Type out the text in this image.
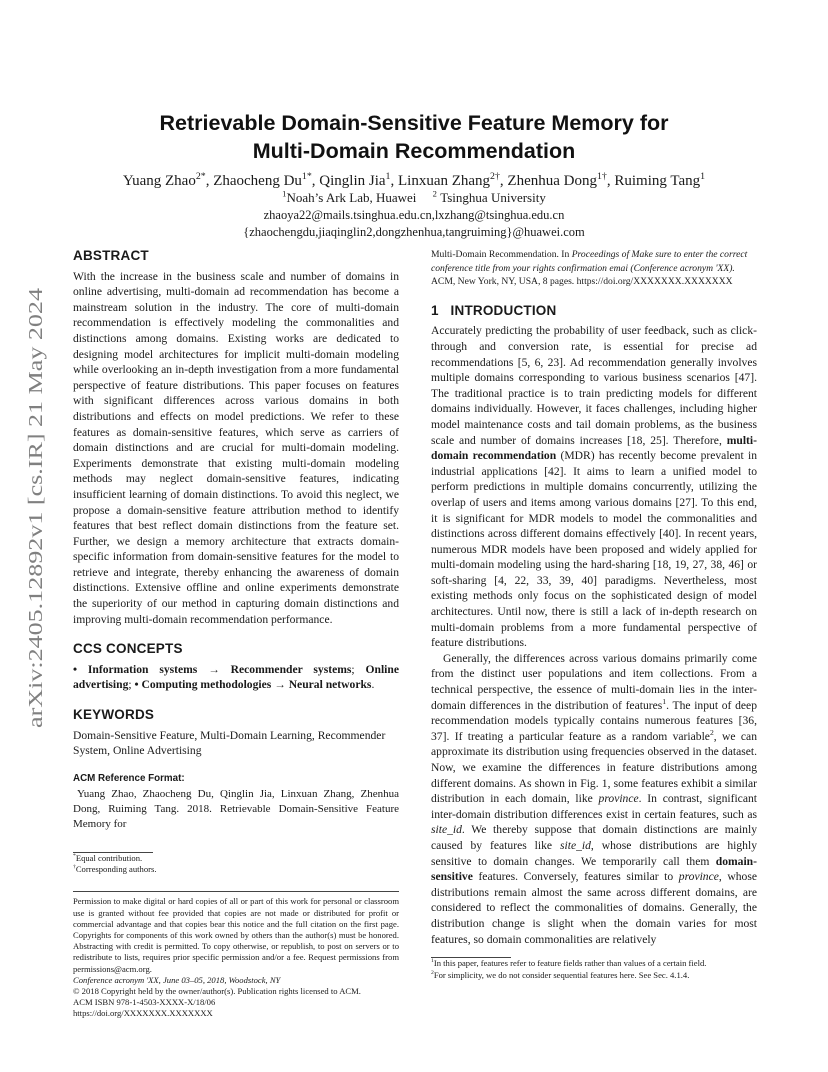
arXiv:2405.12892v1 [cs.IR] 21 May 2024
Retrievable Domain-Sensitive Feature Memory for
Multi-Domain Recommendation
Yuang Zhao$^{2*}$, Zhaocheng $Du^{1*}$, Qinglin Jia$^1$, Linxuan Zhang$^{2\dagger}$, Zhenhua Dong$^{1\dagger}$, Ruiming Tang$^1$
$^1$Noah’s Ark Lab, Huawei $^2$ Tsinghua University
zhaoya22@mails.tsinghua.edu.cn,lxzhang@tsinghua.edu.cn
{zhaochengdu,jiaqinglin2,dongzhenhua,tangruiming}@huawei.com
ABSTRACT

With the increase in the business scale and number of domains in online advertising, multi-domain ad recommendation has become a mainstream solution in the industry. The core of multi-domain recommendation is effectively modeling the commonalities and distinctions among domains. Existing works are dedicated to designing model architectures for implicit multi-domain modeling while overlooking an in-depth investigation from a more fundamental perspective of feature distributions. This paper focuses on features with significant differences across various domains in both distributions and effects on model predictions. We refer to these features as domain-sensitive features, which serve as carriers of domain distinctions and are crucial for multi-domain modeling. Experiments demonstrate that existing multi-domain modeling methods may neglect domain-sensitive features, indicating insufficient learning of domain distinctions. To avoid this neglect, we propose a domain-sensitive feature attribution method to identify features that best reflect domain distinctions from the feature set. Further, we design a memory architecture that extracts domain-specific information from domain-sensitive features for the model to retrieve and integrate, thereby enhancing the awareness of domain distinctions. Extensive offline and online experiments demonstrate the superiority of our method in capturing domain distinctions and improving multi-domain recommendation performance.

CCS CONCEPTS

• Information systems → Recommender systems; Online advertising; • Computing methodologies → Neural networks.

KEYWORDS

Domain-Sensitive Feature, Multi-Domain Learning, Recommender System, Online Advertising

ACM Reference Format:

Yuang Zhao, Zhaocheng Du, Qinglin Jia, Linxuan Zhang, Zhenhua Dong, Ruiming Tang. 2018. Retrievable Domain-Sensitive Feature Memory for

*Equal contribution.
†Corresponding authors.

Permission to make digital or hard copies of all or part of this work for personal or classroom use is granted without fee provided that copies are not made or distributed for profit or commercial advantage and that copies bear this notice and the full citation on the first page. Copyrights for components of this work owned by others than the author(s) must be honored. Abstracting with credit is permitted. To copy otherwise, or republish, to post on servers or to redistribute to lists, requires prior specific permission and/or a fee. Request permissions from permissions@acm.org.

Conference acronym 'XX, June 03–05, 2018, Woodstock, NY

© 2018 Copyright held by the owner/author(s). Publication rights licensed to ACM.

ACM ISBN 978-1-4503-XXXX-X/18/06

https://doi.org/XXXXXXX.XXXXXXX

Multi-Domain Recommendation. In Proceedings of Make sure to enter the correct conference title from your rights confirmation emai (Conference acronym 'XX). ACM, New York, NY, USA, 8 pages. https://doi.org/XXXXXXX.XXXXXXX

1   INTRODUCTION

Accurately predicting the probability of user feedback, such as click-through and conversion rate, is essential for precise ad recommendations [5, 6, 23]. Ad recommendation generally involves multiple domains corresponding to various business scenarios [47]. The traditional practice is to train predicting models for different domains individually. However, it faces challenges, including higher model maintenance costs and tail domain problems, as the business scale and number of domains increases [18, 25]. Therefore, multi-domain recommendation (MDR) has recently become prevalent in industrial applications [42]. It aims to learn a unified model to perform predictions in multiple domains concurrently, utilizing the overlap of users and items among various domains [27]. To this end, it is significant for MDR models to model the commonalities and distinctions across different domains effectively [40]. In recent years, numerous MDR models have been proposed and widely applied for multi-domain modeling using the hard-sharing [18, 19, 27, 38, 46] or soft-sharing [4, 22, 33, 39, 40] paradigms. Nevertheless, most existing methods only focus on the sophisticated design of model architectures. Until now, there is still a lack of in-depth research on multi-domain problems from a more fundamental perspective of feature distributions.

Generally, the differences across various domains primarily come from the distinct user populations and item collections. From a technical perspective, the essence of multi-domain lies in the inter-domain differences in the distribution of features$^1$. The input of deep recommendation models typically contains numerous features [36, 37]. If treating a particular feature as a random variable$^2$, we can approximate its distribution using frequencies observed in the dataset. Now, we examine the differences in feature distributions among different domains. As shown in Fig. 1, some features exhibit a similar distribution in each domain, like province. In contrast, significant inter-domain distribution differences exist in certain features, such as site_id. We thereby suppose that domain distinctions are mainly caused by features like site_id, whose distributions are highly sensitive to domain changes. We temporarily call them domain-sensitive features. Conversely, features similar to province, whose distributions remain almost the same across different domains, are considered to reflect the commonalities of domains. Generally, the distribution change is slight when the domain varies for most features, so domain commonalities are relatively

$^1$In this paper, features refer to feature fields rather than values of a certain field.
$^2$For simplicity, we do not consider sequential features here. See Sec. 4.1.4.
